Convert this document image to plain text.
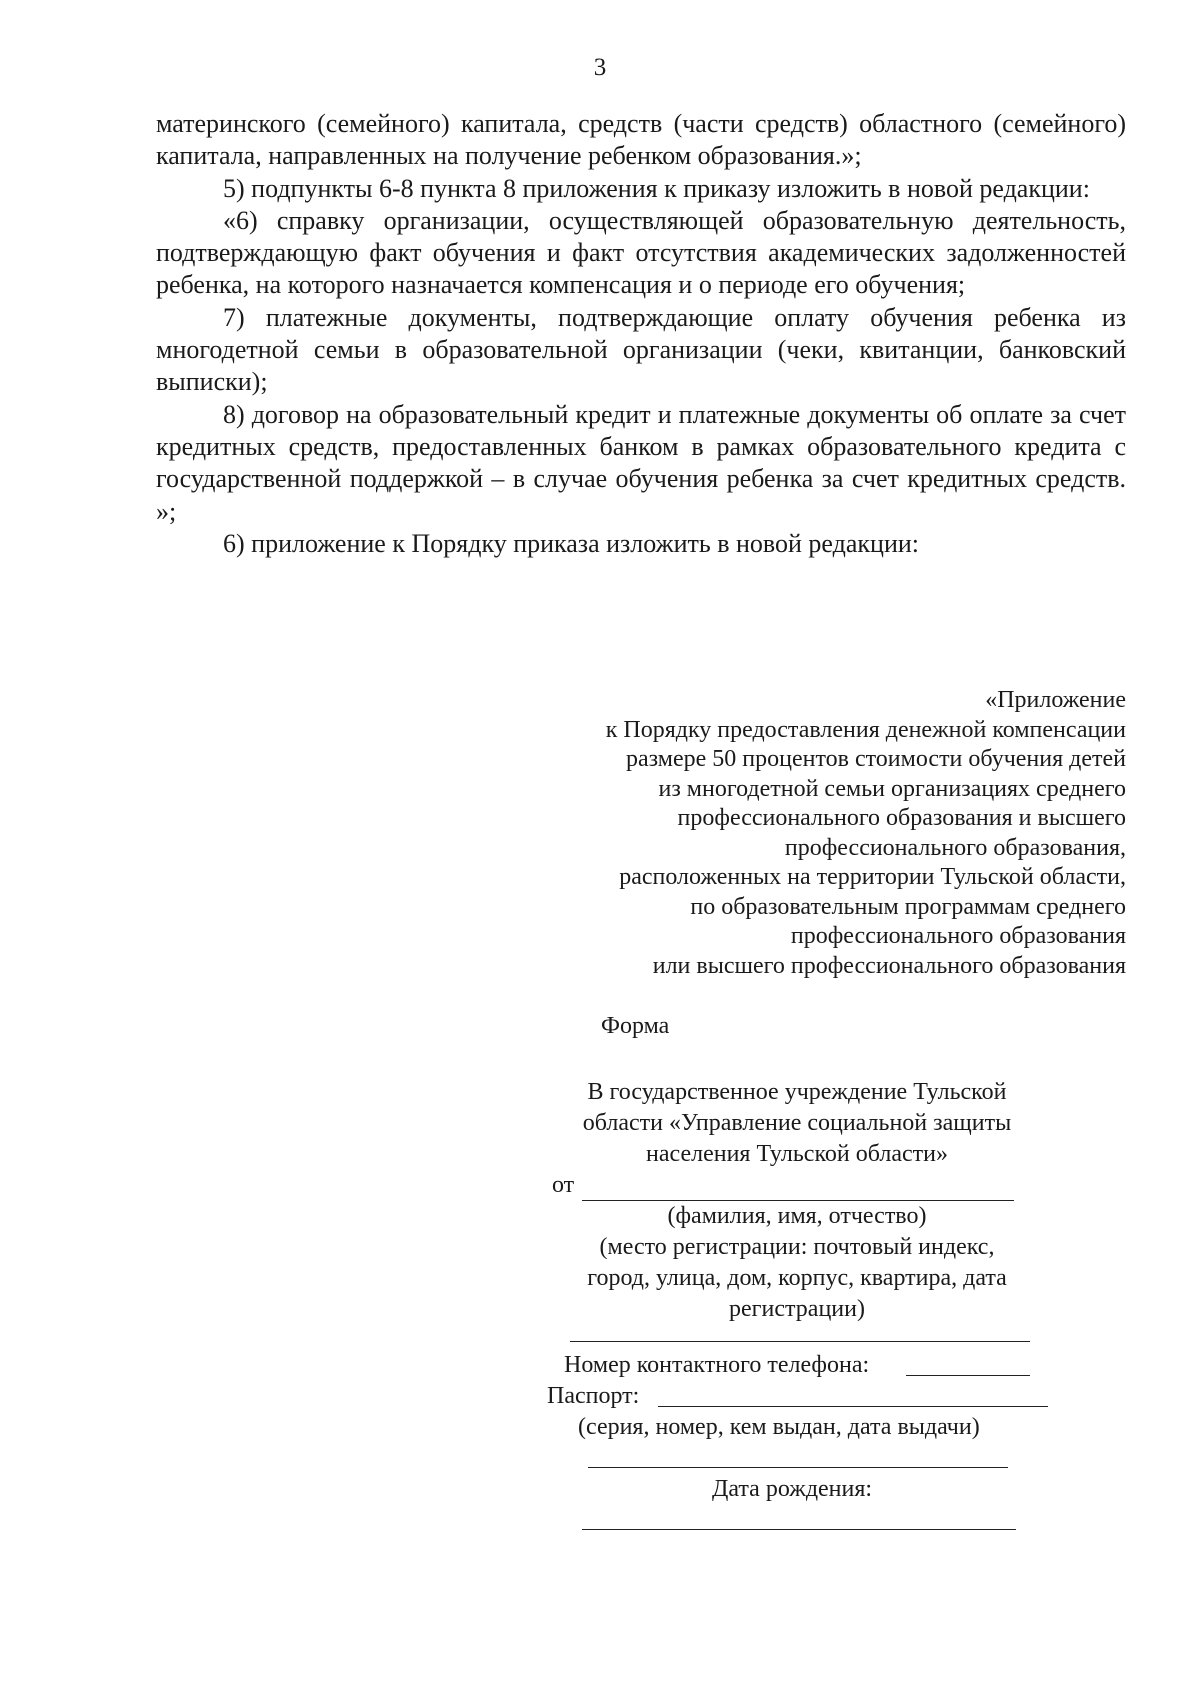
3

материнского (семейного) капитала, средств (части средств) областного (семейного) капитала, направленных на получение ребенком образования.»;

5) подпункты 6-8 пункта 8 приложения к приказу изложить в новой редакции:

«6) справку организации, осуществляющей образовательную деятельность, подтверждающую факт обучения и факт отсутствия академических задолженностей ребенка, на которого назначается компенсация и о периоде его обучения;

7) платежные документы, подтверждающие оплату обучения ребенка из многодетной семьи в образовательной организации (чеки, квитанции, банковский выписки);

8) договор на образовательный кредит и платежные документы об оплате за счет кредитных средств, предоставленных банком в рамках образовательного кредита с государственной поддержкой – в случае обучения ребенка за счет кредитных средств. »;

6) приложение к Порядку приказа изложить в новой редакции:

«Приложение
к Порядку предоставления денежной компенсации
размере 50 процентов стоимости обучения детей
из многодетной семьи организациях среднего
профессионального образования и высшего
профессионального образования,
расположенных на территории Тульской области,
по образовательным программам среднего
профессионального образования
или высшего профессионального образования
Форма
В государственное учреждение Тульской
области «Управление социальной защиты
населения Тульской области»
от
(фамилия, имя, отчество)
(место регистрации: почтовый индекс,
город, улица, дом, корпус, квартира, дата
регистрации)
Номер контактного телефона:
Паспорт:
(серия, номер, кем выдан, дата выдачи)
Дата рождения:
